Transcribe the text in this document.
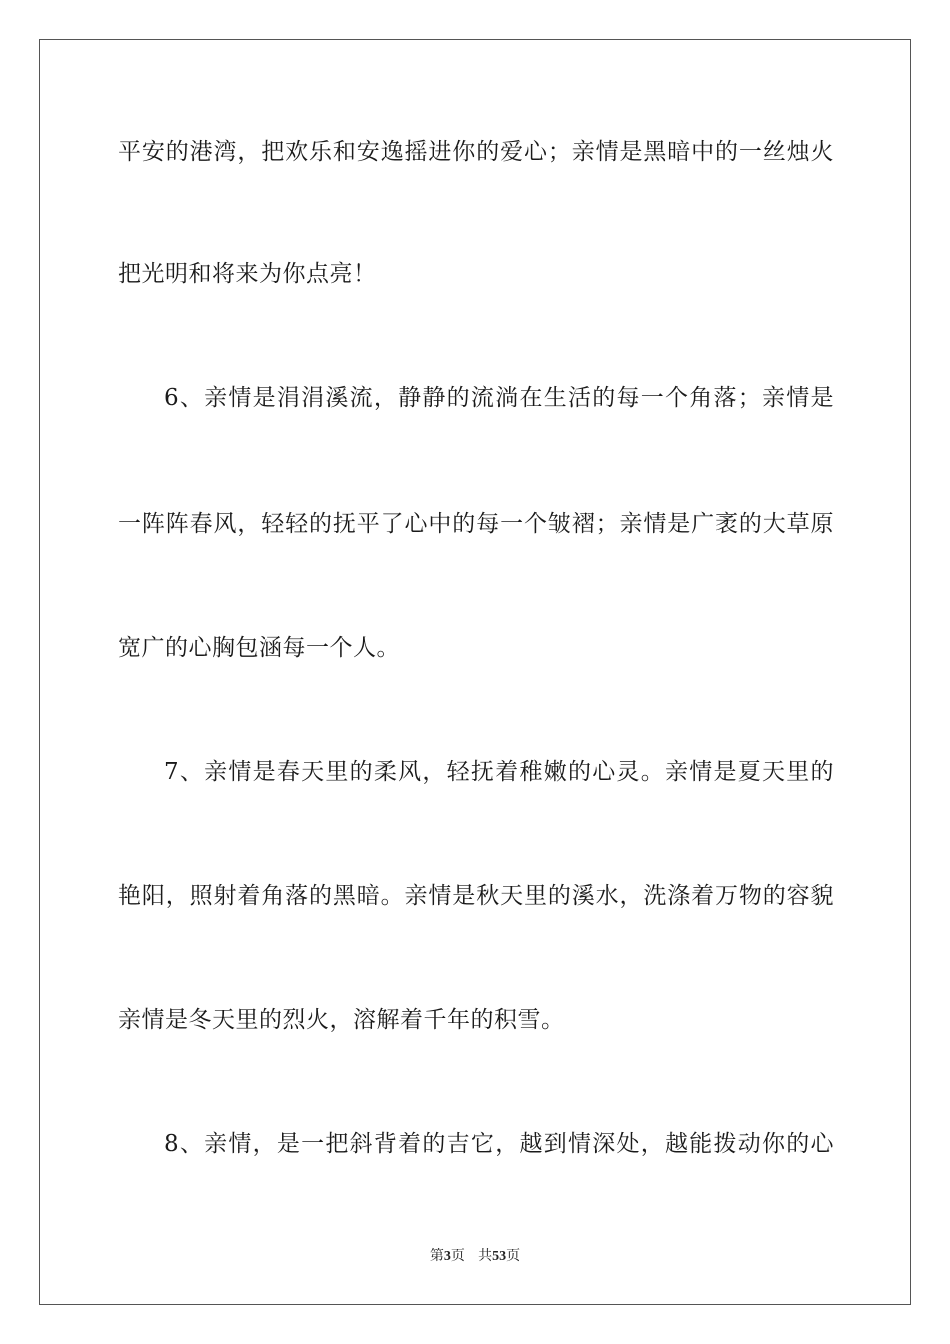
平安的港湾，把欢乐和安逸摇进你的爱心；亲情是黑暗中的一丝烛火
把光明和将来为你点亮！
6、亲情是涓涓溪流，静静的流淌在生活的每一个角落；亲情是
一阵阵春风，轻轻的抚平了心中的每一个皱褶；亲情是广袤的大草原
宽广的心胸包涵每一个人。
7、亲情是春天里的柔风，轻抚着稚嫩的心灵。亲情是夏天里的
艳阳，照射着角落的黑暗。亲情是秋天里的溪水，洗涤着万物的容貌
亲情是冬天里的烈火，溶解着千年的积雪。
8、亲情，是一把斜背着的吉它，越到情深处，越能拨动你的心
第3页 共53页
